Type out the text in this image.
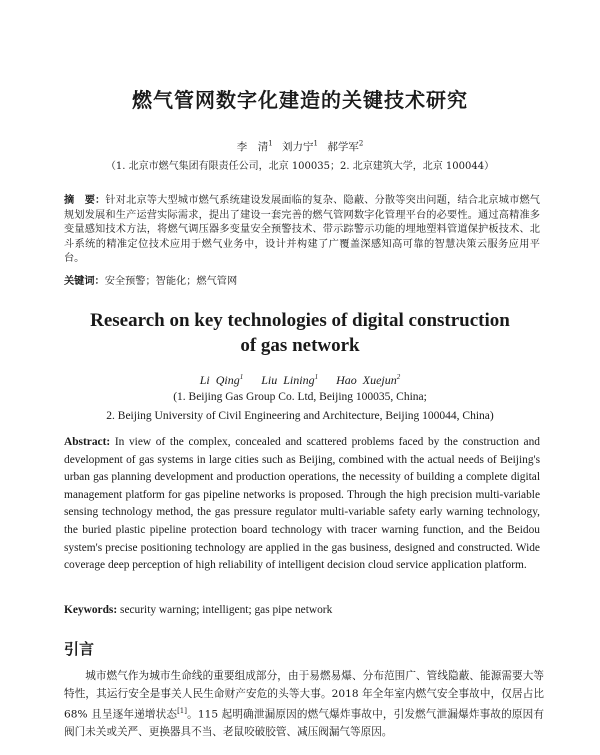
燃气管网数字化建造的关键技术研究
李　清$^1$ 刘力宁$^1$ 郝学军$^2$
（1. 北京市燃气集团有限责任公司，北京 100035；2. 北京建筑大学，北京 100044）
摘　要：针对北京等大型城市燃气系统建设发展面临的复杂、隐蔽、分散等突出问题，结合北京城市燃气规划发展和生产运营实际需求，提出了建设一套完善的燃气管网数字化管理平台的必要性。通过高精准多变量感知技术方法，将燃气调压器多变量安全预警技术、带示踪警示功能的埋地塑料管道保护板技术、北斗系统的精准定位技术应用于燃气业务中，设计并构建了广覆盖深感知高可靠的智慧决策云服务应用平台。
关键词：安全预警；智能化；燃气管网
Research on key technologies of digital construction
of gas network
Li Qing$^1$ Liu Lining$^1$ Hao Xuejun$^2$
(1. Beijing Gas Group Co. Ltd, Beijing 100035, China;
2. Beijing University of Civil Engineering and Architecture, Beijing 100044, China)
Abstract: In view of the complex, concealed and scattered problems faced by the construction and development of gas systems in large cities such as Beijing, combined with the actual needs of Beijing's urban gas planning development and production operations, the necessity of building a complete digital management platform for gas pipeline networks is proposed. Through the high precision multi-variable sensing technology method, the gas pressure regulator multi-variable safety early warning technology, the buried plastic pipeline protection board technology with tracer warning function, and the Beidou system's precise positioning technology are applied in the gas business, designed and constructed. Wide coverage deep perception of high reliability of intelligent decision cloud service application platform.
Keywords: security warning; intelligent; gas pipe network
引言
城市燃气作为城市生命线的重要组成部分，由于易燃易爆、分布范围广、管线隐蔽、能源需要大等特性，其运行安全是事关人民生命财产安危的头等大事。2018 年全年室内燃气安全事故中，仅居占比 68% 且呈逐年递增状态[1]。115 起明确泄漏原因的燃气爆炸事故中，引发燃气泄漏爆炸事故的原因有阀门未关或关严、更换器具不当、老鼠咬破胶管、减压阀漏气等原因。
